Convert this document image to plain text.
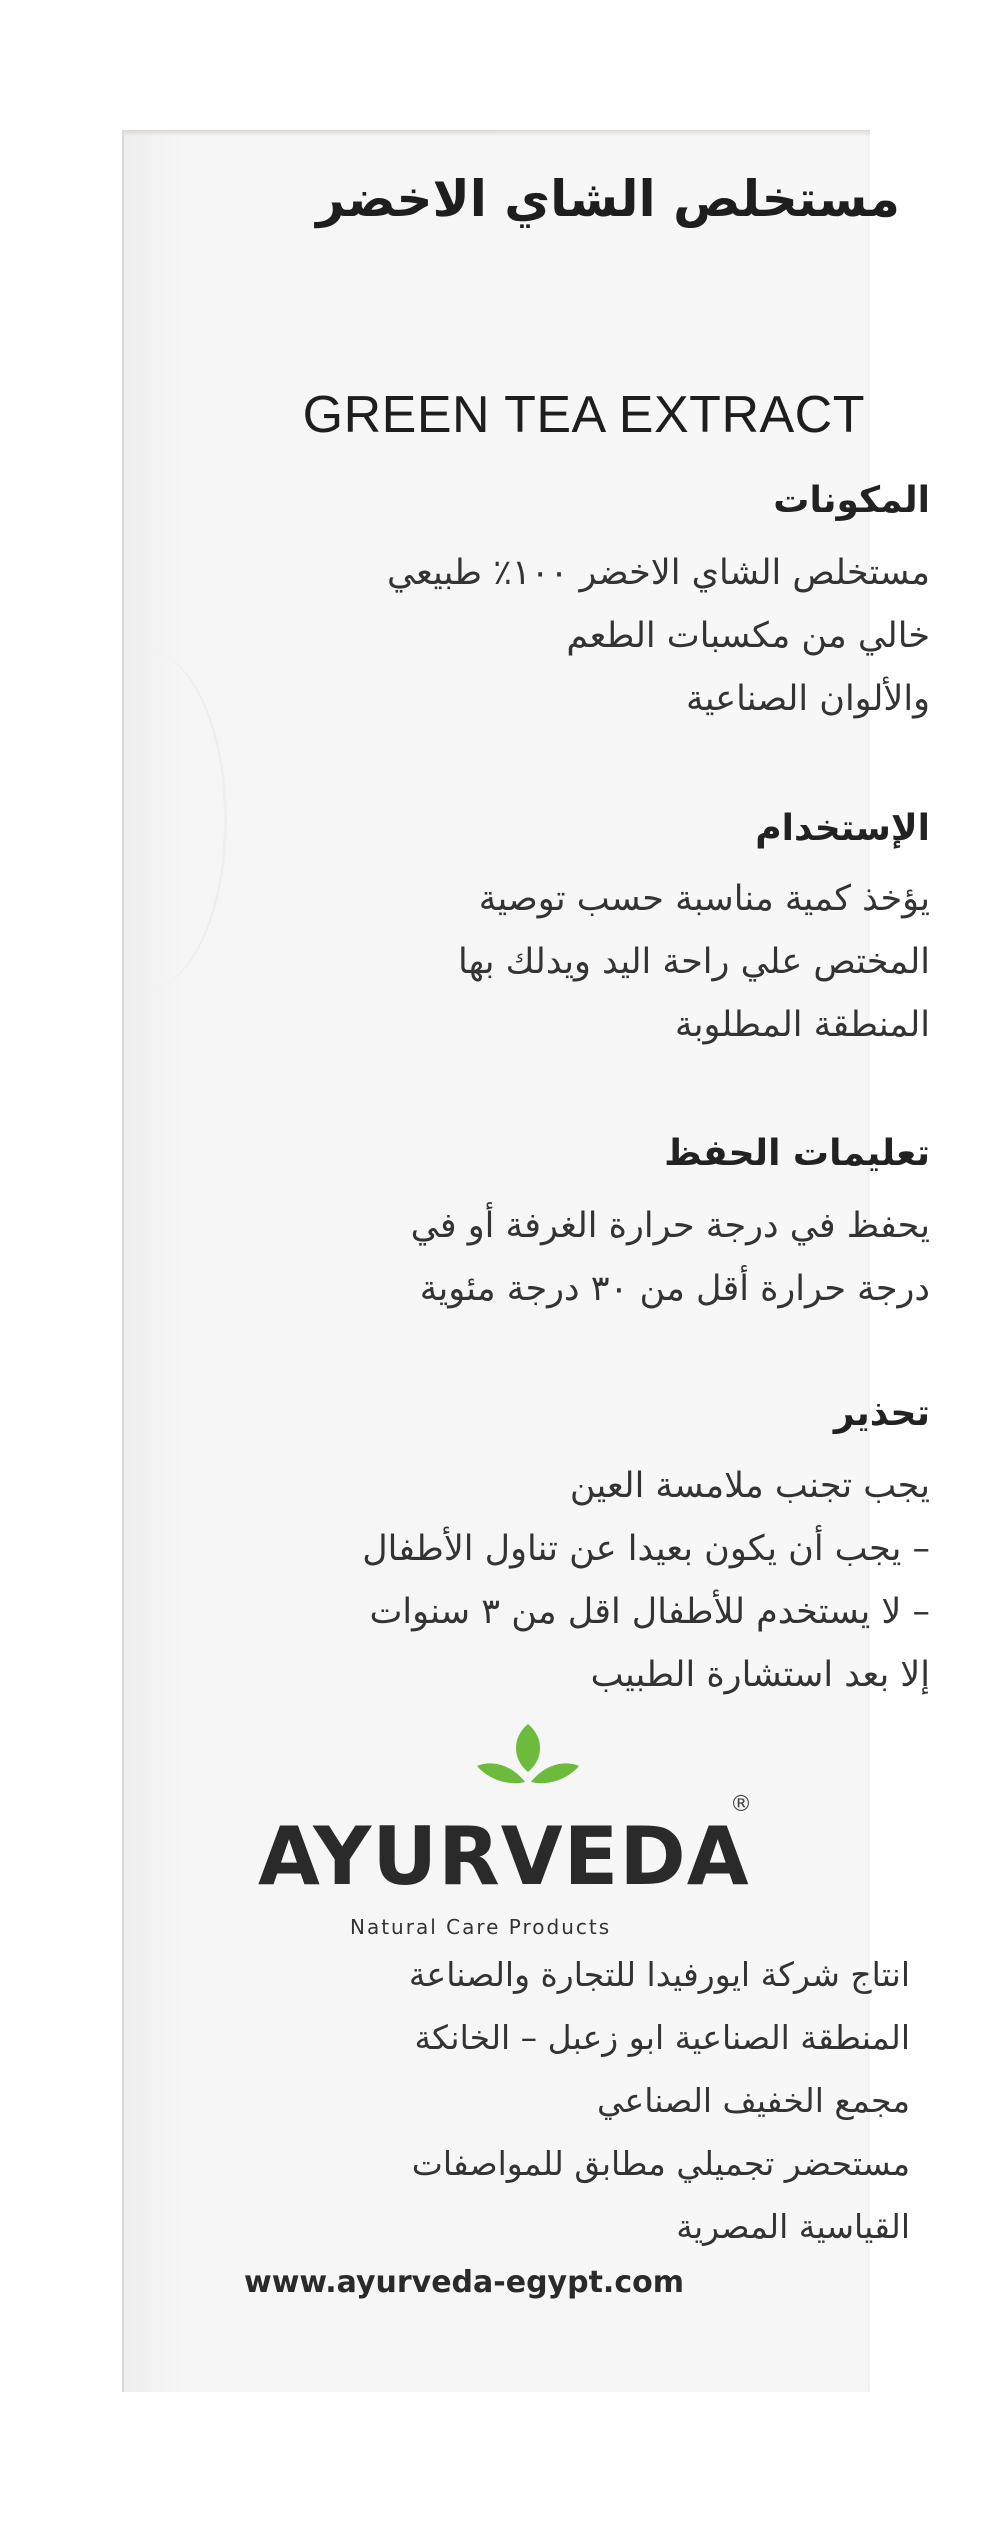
مستخلص الشاي الاخضر
GREEN TEA EXTRACT
المكونات
مستخلص الشاي الاخضر ١٠٠٪ طبيعي
خالي من مكسبات الطعم
والألوان الصناعية
الإستخدام
يؤخذ كمية مناسبة حسب توصية
المختص علي راحة اليد ويدلك بها
المنطقة المطلوبة
تعليمات الحفظ
يحفظ في درجة حرارة الغرفة أو في
درجة حرارة أقل من ٣٠ درجة مئوية
تحذير
يجب تجنب ملامسة العين
– يجب أن يكون بعيدا عن تناول الأطفال
– لا يستخدم للأطفال اقل من ٣ سنوات
إلا بعد استشارة الطبيب
AYURVEDA
®
Natural Care Products
انتاج شركة ايورفيدا للتجارة والصناعة
المنطقة الصناعية ابو زعبل – الخانكة
مجمع الخفيف الصناعي
مستحضر تجميلي مطابق للمواصفات
القياسية المصرية
www.ayurveda-egypt.com
